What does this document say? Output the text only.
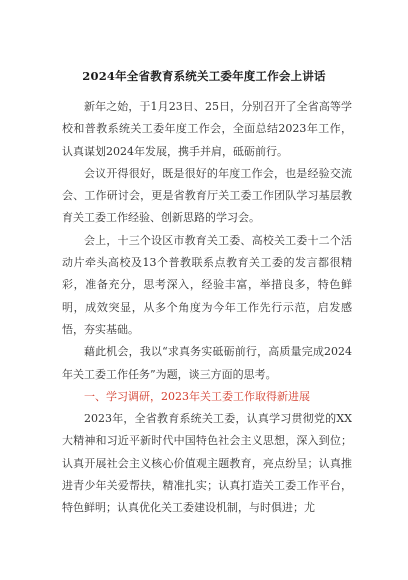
2024年全省教育系统关工委年度工作会上讲话

新年之始，于1月23日、25日，分别召开了全省高等学校和普教系统关工委年度工作会，全面总结2023年工作，认真谋划2024年发展，携手并肩，砥砺前行。

会议开得很好，既是很好的年度工作会，也是经验交流会、工作研讨会，更是省教育厅关工委工作团队学习基层教育关工委工作经验、创新思路的学习会。

会上，十三个设区市教育关工委、高校关工委十二个活动片牵头高校及13个普教联系点教育关工委的发言都很精彩，准备充分，思考深入，经验丰富，举措良多，特色鲜明，成效突显，从多个角度为今年工作先行示范，启发感悟，夯实基础。

藉此机会，我以“求真务实砥砺前行，高质量完成2024年关工委工作任务”为题，谈三方面的思考。

一、学习调研，2023年关工委工作取得新进展

2023年，全省教育系统关工委，认真学习贯彻党的XX大精神和习近平新时代中国特色社会主义思想，深入到位；认真开展社会主义核心价值观主题教育，亮点纷呈；认真推进青少年关爱帮扶，精准扎实；认真打造关工委工作平台，特色鲜明；认真优化关工委建设机制，与时俱进；尤
